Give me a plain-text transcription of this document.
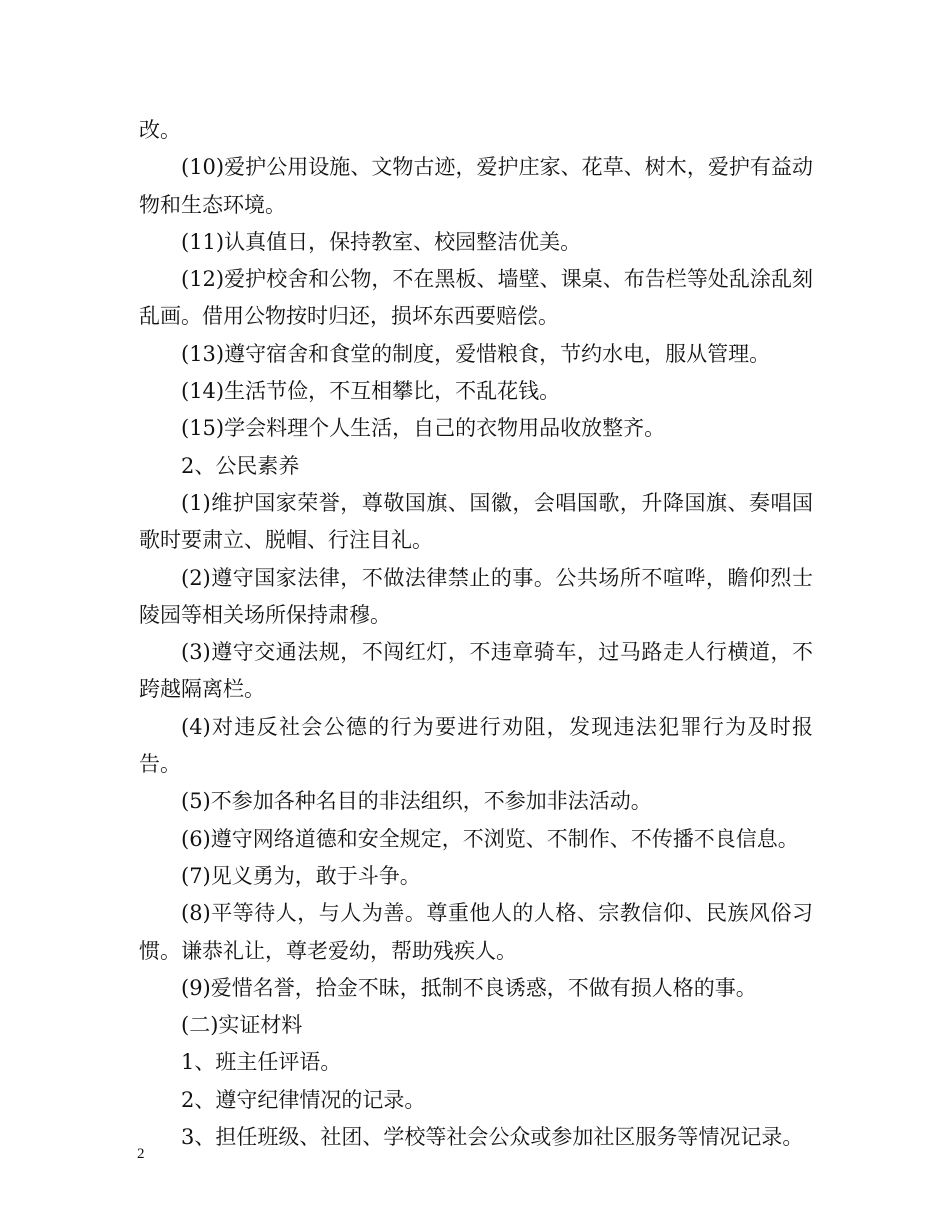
改。

(10)爱护公用设施、文物古迹，爱护庄家、花草、树木，爱护有益动物和生态环境。

(11)认真值日，保持教室、校园整洁优美。

(12)爱护校舍和公物，不在黑板、墙壁、课桌、布告栏等处乱涂乱刻乱画。借用公物按时归还，损坏东西要赔偿。

(13)遵守宿舍和食堂的制度，爱惜粮食，节约水电，服从管理。

(14)生活节俭，不互相攀比，不乱花钱。

(15)学会料理个人生活，自己的衣物用品收放整齐。

2、公民素养

(1)维护国家荣誉，尊敬国旗、国徽，会唱国歌，升降国旗、奏唱国歌时要肃立、脱帽、行注目礼。

(2)遵守国家法律，不做法律禁止的事。公共场所不喧哗，瞻仰烈士陵园等相关场所保持肃穆。

(3)遵守交通法规，不闯红灯，不违章骑车，过马路走人行横道，不跨越隔离栏。

(4)对违反社会公德的行为要进行劝阻，发现违法犯罪行为及时报告。

(5)不参加各种名目的非法组织，不参加非法活动。

(6)遵守网络道德和安全规定，不浏览、不制作、不传播不良信息。

(7)见义勇为，敢于斗争。

(8)平等待人，与人为善。尊重他人的人格、宗教信仰、民族风俗习惯。谦恭礼让，尊老爱幼，帮助残疾人。

(9)爱惜名誉，拾金不昧，抵制不良诱惑，不做有损人格的事。

(二)实证材料

1、班主任评语。

2、遵守纪律情况的记录。

3、担任班级、社团、学校等社会公众或参加社区服务等情况记录。

2
